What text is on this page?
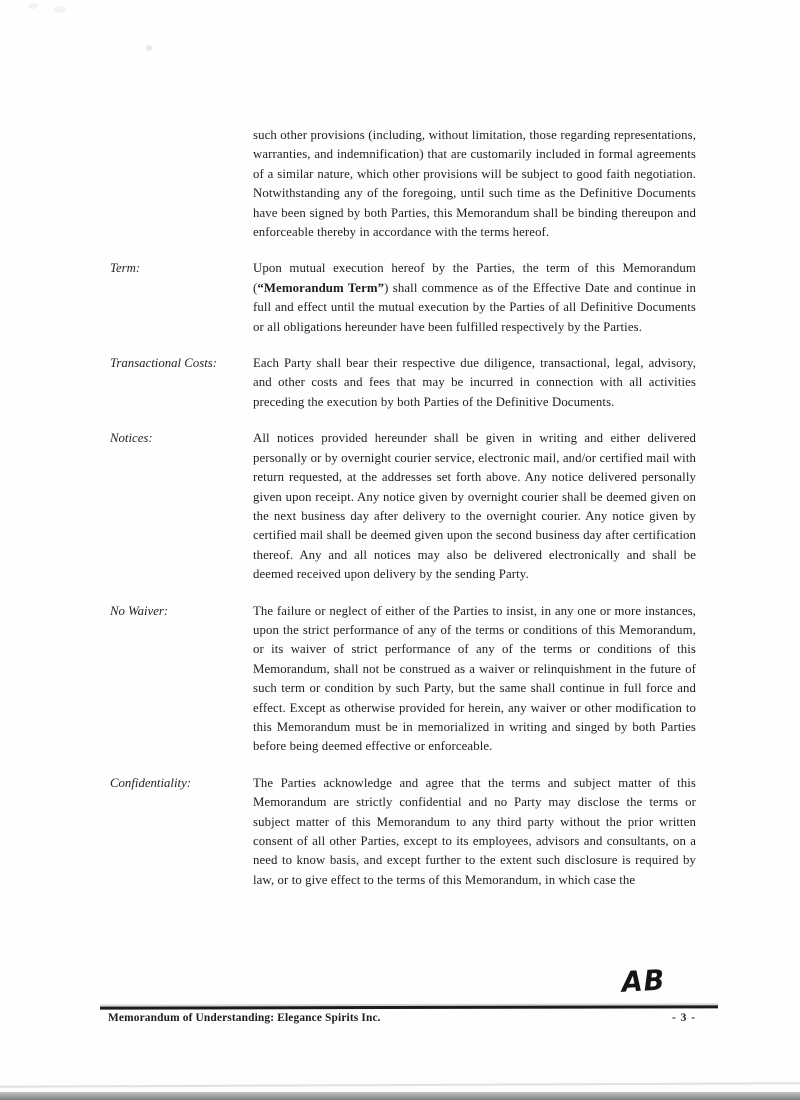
such other provisions (including, without limitation, those regarding representations, warranties, and indemnification) that are customarily included in formal agreements of a similar nature, which other provisions will be subject to good faith negotiation. Notwithstanding any of the foregoing, until such time as the Definitive Documents have been signed by both Parties, this Memorandum shall be binding thereupon and enforceable thereby in accordance with the terms hereof.
Term:	Upon mutual execution hereof by the Parties, the term of this Memorandum (“Memorandum Term”) shall commence as of the Effective Date and continue in full and effect until the mutual execution by the Parties of all Definitive Documents or all obligations hereunder have been fulfilled respectively by the Parties.
Transactional Costs:	Each Party shall bear their respective due diligence, transactional, legal, advisory, and other costs and fees that may be incurred in connection with all activities preceding the execution by both Parties of the Definitive Documents.
Notices:	All notices provided hereunder shall be given in writing and either delivered personally or by overnight courier service, electronic mail, and/or certified mail with return requested, at the addresses set forth above. Any notice delivered personally given upon receipt. Any notice given by overnight courier shall be deemed given on the next business day after delivery to the overnight courier. Any notice given by certified mail shall be deemed given upon the second business day after certification thereof. Any and all notices may also be delivered electronically and shall be deemed received upon delivery by the sending Party.
No Waiver:	The failure or neglect of either of the Parties to insist, in any one or more instances, upon the strict performance of any of the terms or conditions of this Memorandum, or its waiver of strict performance of any of the terms or conditions of this Memorandum, shall not be construed as a waiver or relinquishment in the future of such term or condition by such Party, but the same shall continue in full force and effect. Except as otherwise provided for herein, any waiver or other modification to this Memorandum must be in memorialized in writing and singed by both Parties before being deemed effective or enforceable.
Confidentiality:	The Parties acknowledge and agree that the terms and subject matter of this Memorandum are strictly confidential and no Party may disclose the terms or subject matter of this Memorandum to any third party without the prior written consent of all other Parties, except to its employees, advisors and consultants, on a need to know basis, and except further to the extent such disclosure is required by law, or to give effect to the terms of this Memorandum, in which case the
AB
Memorandum of Understanding: Elegance Spirits Inc.	- 3 -
